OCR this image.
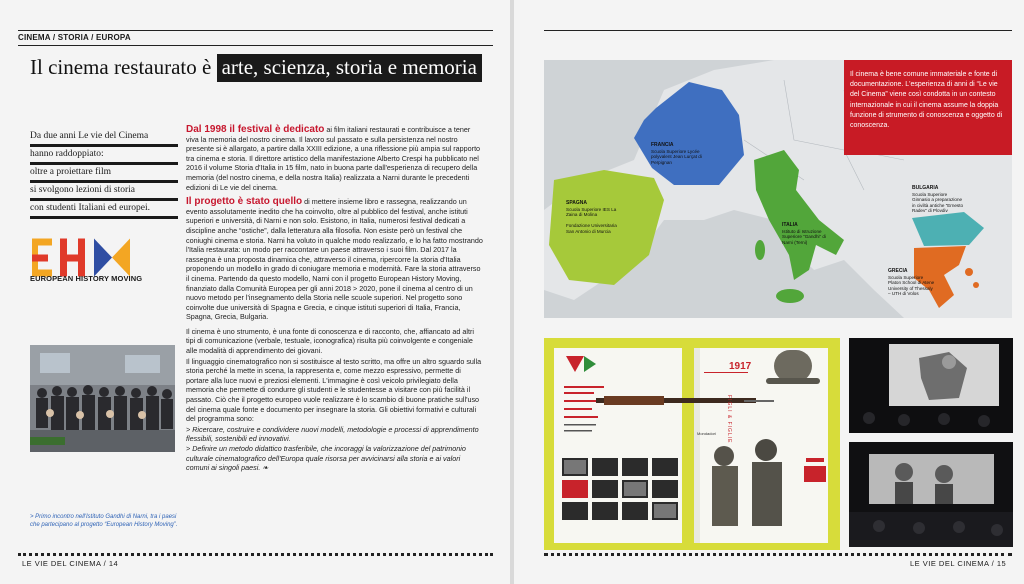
CINEMA / STORIA / EUROPA
Il cinema restaurato è arte, scienza, storia e memoria
Da due anni Le vie del Cinema
hanno raddoppiato:
oltre a proiettare film
si svolgono lezioni di storia
con studenti Italiani ed europei.
EUROPEAN HISTORY MOVING

Dal 1998 il festival è dedicato ai film italiani restaurati e contribuisce a tener viva la memoria del nostro cinema. Il lavoro sul passato e sulla persistenza nel nostro presente si è allargato, a partire dalla XXIII edizione, a una riflessione più ampia sul rapporto tra cinema e storia. Il direttore artistico della manifestazione Alberto Crespi ha pubblicato nel 2016 il volume Storia d'Italia in 15 film, nato in buona parte dall'esperienza di recupero della memoria (del nostro cinema, e della nostra Italia) realizzata a Narni durante le precedenti edizioni di Le vie del cinema.

Il progetto è stato quello di mettere insieme libro e rassegna, realizzando un evento assolutamente inedito che ha coinvolto, oltre al pubblico del festival, anche istituti superiori e università, di Narni e non solo. Esistono, in Italia, numerosi festival dedicati a discipline anche “ostiche”, dalla letteratura alla filosofia. Non esiste però un festival che coniughi cinema e storia. Narni ha voluto in qualche modo realizzarlo, e lo ha fatto mostrando l'Italia restaurata: un modo per raccontare un paese attraverso i suoi film. Dal 2017 la rassegna è una proposta dinamica che, attraverso il cinema, ripercorre la storia d'Italia proponendo un modello in grado di coniugare memoria e modernità. Fare la storia attraverso il cinema. Partendo da questo modello, Narni con il progetto European History Moving, finanziato dalla Comunità Europea per gli anni 2018 > 2020, pone il cinema al centro di un nuovo metodo per l'insegnamento della Storia nelle scuole superiori. Nel progetto sono coinvolte due università di Spagna e Grecia, e cinque istituti superiori di Italia, Francia, Spagna, Grecia, Bulgaria.

Il cinema è uno strumento, è una fonte di conoscenza e di racconto, che, affiancato ad altri tipi di comunicazione (verbale, testuale, iconografica) risulta più coinvolgente e congeniale alle modalità di apprendimento dei giovani.

Il linguaggio cinematografico non si sostituisce al testo scritto, ma offre un altro sguardo sulla storia perché la mette in scena, la rappresenta e, come mezzo espressivo, permette di portare alla luce nuovi e preziosi elementi. L'immagine è così veicolo privilegiato della memoria che permette di condurre gli studenti e le studentesse a visitare con più facilità il passato. Ciò che il progetto europeo vuole realizzare è lo scambio di buone pratiche sull'uso del cinema quale fonte e documento per insegnare la storia. Gli obiettivi formativi e culturali del programma sono:

> Ricercare, costruire e condividere nuovi modelli, metodologie e processi di apprendimento flessibili, sostenibili ed innovativi.
> Definire un metodo didattico trasferibile, che incoraggi la valorizzazione del patrimonio culturale cinematografico dell'Europa quale risorsa per avvicinarsi alla storia e ai valori comuni ai singoli paesi. ❧
> Primo incontro nell'Istituto Gandhi di Narni, tra i paesi che partecipano al progetto “European History Moving”.
LE VIE DEL CINEMA / 14
FRANCIA
Scuola Superiore Lycée polyvalent Jean Lurçat di Perpignan
SPAGNA
Scuola Superiore IES La Zaina di Molina

Fondazione Universitaria San Antonio di Murcia
ITALIA
Istituto di Istruzione Superiore “Gandhi” di Narni (Terni)
BULGARIA
Scuola Superiore Ginnasio a preparazione in civiltà antiche “Ernesto Radev” di Plovdiv
GRECIA
Scuola Superiore Platon School di Atene
University of Thessaly – UTH di Volos
Il cinema è bene comune immateriale e fonte di documentazione. L'esperienza di anni di “Le vie del Cinema” viene così condotta in un contesto internazionale in cui il cinema assume la doppia funzione di strumento di conoscenza e oggetto di conoscenza.
1917
FIGLI & FIGLIE
Mondadori
LE VIE DEL CINEMA / 15
